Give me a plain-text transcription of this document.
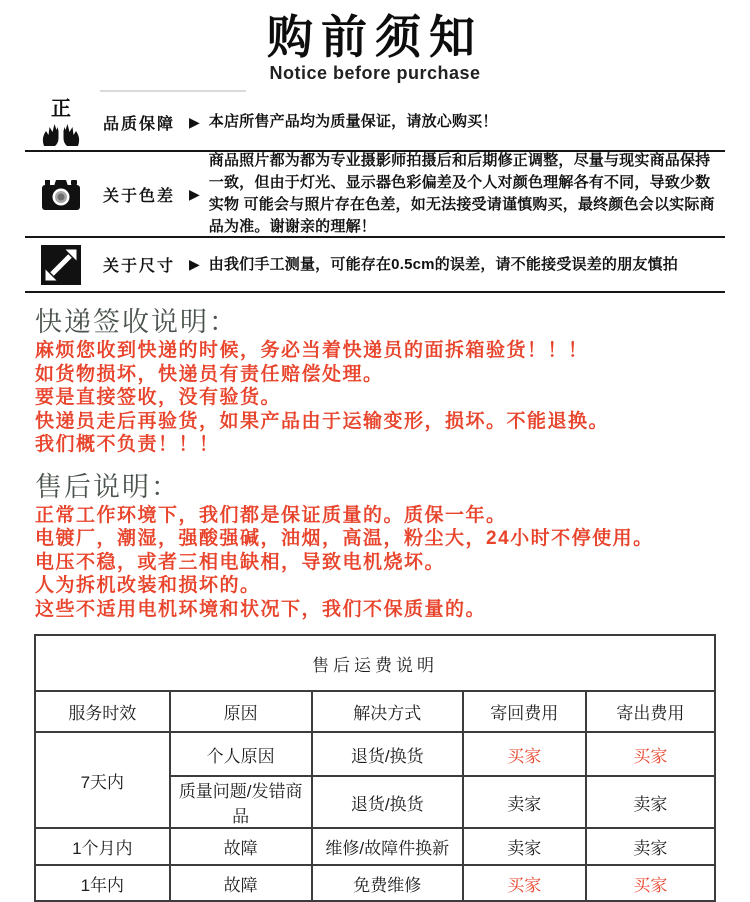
购前须知
Notice before purchase
正
品质保障 ▶ 本店所售产品均为质量保证，请放心购买！
关于色差 ▶
商品照片都为都为专业摄影师拍摄后和后期修正调整，尽量与现实商品保持一致，但由于灯光、显示器色彩偏差及个人对颜色理解各有不同，导致少数实物 可能会与照片存在色差，如无法接受请谨慎购买，最终颜色会以实际商品为准。谢谢亲的理解！
关于尺寸 ▶ 由我们手工测量，可能存在0.5cm的误差，请不能接受误差的朋友慎拍
快递签收说明：
麻烦您收到快递的时候，务必当着快递员的面拆箱验货！！！
如货物损坏，快递员有责任赔偿处理。
要是直接签收，没有验货。
快递员走后再验货，如果产品由于运输变形，损坏。不能退换。
我们概不负责！！！
售后说明：
正常工作环境下，我们都是保证质量的。质保一年。
电镀厂，潮湿，强酸强碱，油烟，高温，粉尘大，24小时不停使用。
电压不稳，或者三相电缺相，导致电机烧坏。
人为拆机改装和损坏的。
这些不适用电机环境和状况下，我们不保质量的。
售后运费说明				
服务时效	原因	解决方式	寄回费用	寄出费用
7天内	个人原因	退货/换货	买家	买家
	质量问题/发错商品	退货/换货	卖家	卖家
1个月内	故障	维修/故障件换新	卖家	卖家
1年内	故障	免费维修	买家	买家
